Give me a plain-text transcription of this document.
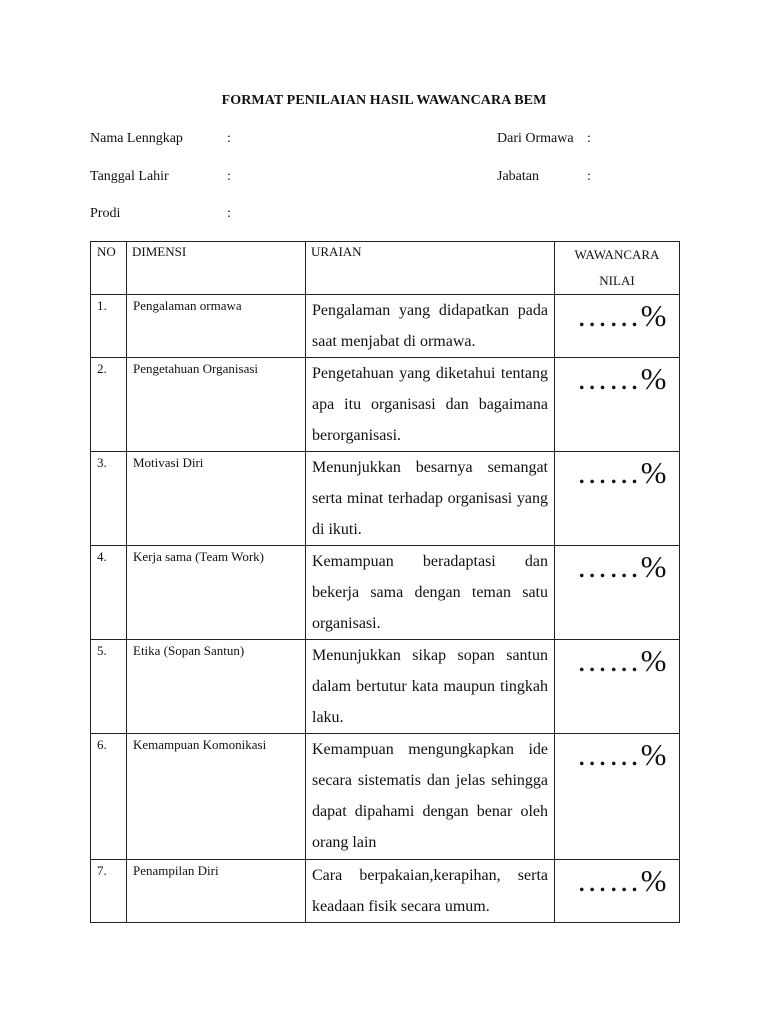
FORMAT PENILAIAN HASIL WAWANCARA BEM
Nama Lenngkap	:
Tanggal Lahir	:
Prodi	:
Dari Ormawa :
Jabatan	:
NO	DIMENSI	URAIAN	WAWANCARA
NILAI

1.	Pengalaman ormawa	Pengalaman yang didapatkan pada saat menjabat di ormawa.	……%
2.	Pengetahuan Organisasi	Pengetahuan yang diketahui tentang apa itu organisasi dan bagaimana berorganisasi.	……%
3.	Motivasi Diri	Menunjukkan besarnya semangat serta minat terhadap organisasi yang di ikuti.	……%
4.	Kerja sama (Team Work)	Kemampuan beradaptasi dan bekerja sama dengan teman satu organisasi.	……%
5.	Etika (Sopan Santun)	Menunjukkan sikap sopan santun dalam bertutur kata maupun tingkah laku.	……%
6.	Kemampuan Komonikasi	Kemampuan mengungkapkan ide secara sistematis dan jelas sehingga dapat dipahami dengan benar oleh orang lain	……%
7.	Penampilan Diri	Cara berpakaian,kerapihan, serta keadaan fisik secara umum.	……%
